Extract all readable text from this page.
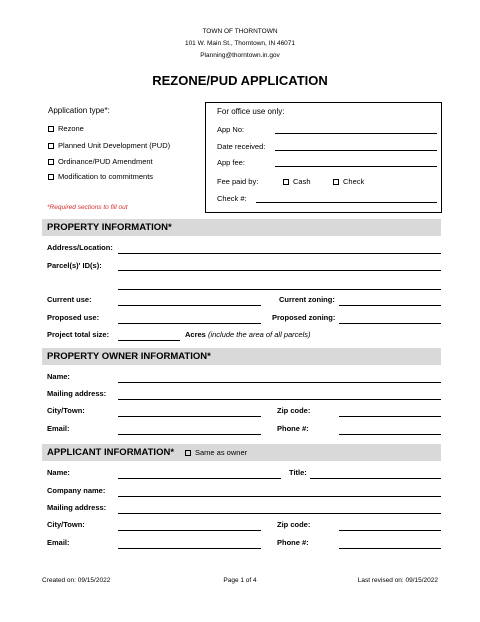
TOWN OF THORNTOWN
101 W. Main St., Thorntown, IN 46071
Planning@thorntown.in.gov
REZONE/PUD APPLICATION
Application type*:
Rezone
Planned Unit Development (PUD)
Ordinance/PUD Amendment
Modification to commitments
*Required sections to fill out
For office use only:
App No:
Date received:
App fee:
Fee paid by:	Cash	Check
Check #:
PROPERTY INFORMATION*
Address/Location:
Parcel(s)' ID(s):
Current use:	Current zoning:
Proposed use:	Proposed zoning:
Project total size:	Acres (include the area of all parcels)
PROPERTY OWNER INFORMATION*
Name:
Mailing address:
City/Town:	Zip code:
Email:	Phone #:
APPLICANT INFORMATION*	Same as owner
Name:	Title:
Company name:
Mailing address:
City/Town:	Zip code:
Email:	Phone #:
Created on: 09/15/2022	Page 1 of 4	Last revised on: 09/15/2022
